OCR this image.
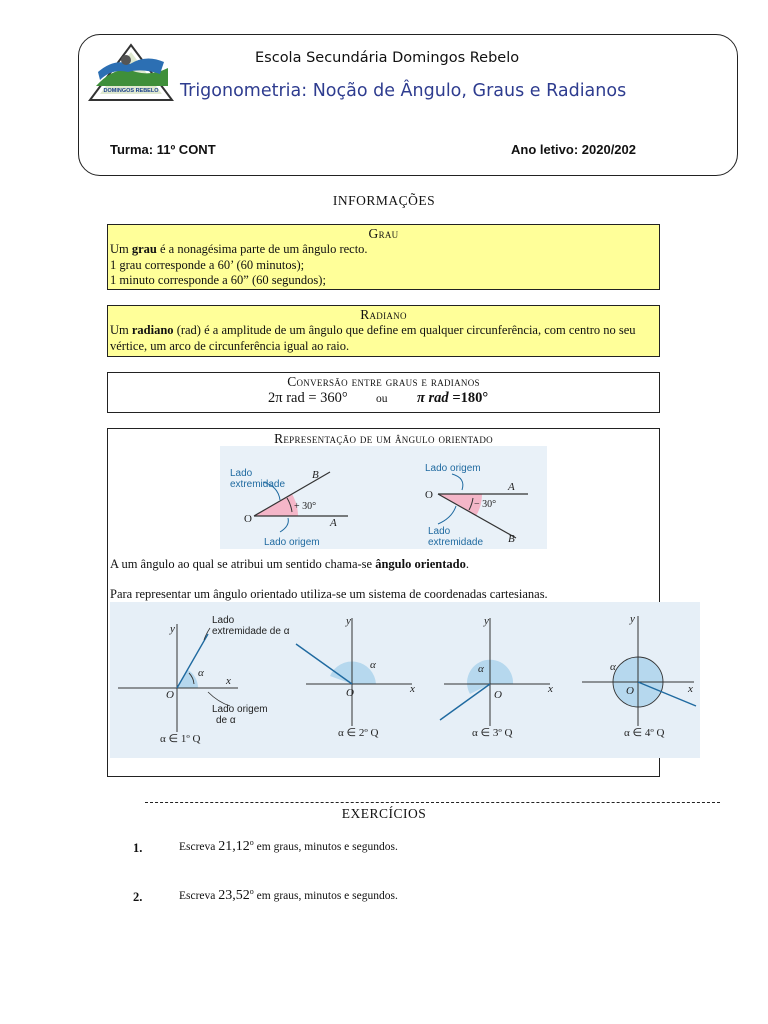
DOMINGOS REBELO
Escola Secundária Domingos Rebelo
Trigonometria: Noção de Ângulo, Graus e Radianos
Turma: 11º CONT	Ano letivo: 2020/202
INFORMAÇÕES
Grau
Um grau é a nonagésima parte de um ângulo recto.
1 grau corresponde a 60’ (60 minutos);
1 minuto corresponde a 60” (60 segundos);
Radiano
Um radiano (rad) é a amplitude de um ângulo que define em qualquer circunferência, com centro no seu vértice, um arco de circunferência igual ao raio.
Conversão entre graus e radianos
2π rad = 360° ou π rad =180°
Representação de um ângulo orientado
Lado
extremidade
Lado origem
+ 30°
O	A
B
Lado origem
Lado
extremidade
− 30°
O
A
B
A um ângulo ao qual se atribui um sentido chama-se ângulo orientado.
Para representar um ângulo orientado utiliza-se um sistema de coordenadas cartesianas.
Lado
extremidade de α
Lado origem
de α
y
x
O
α
α ∈ 1º Q
y
x
O
α
α ∈ 2º Q
y
x
O
α
α ∈ 3º Q
y
x
O
α
α ∈ 4º Q
EXERCÍCIOS
1.	Escreva 21,12$^o$ em graus, minutos e segundos.
2.	Escreva 23,52$^o$ em graus, minutos e segundos.
